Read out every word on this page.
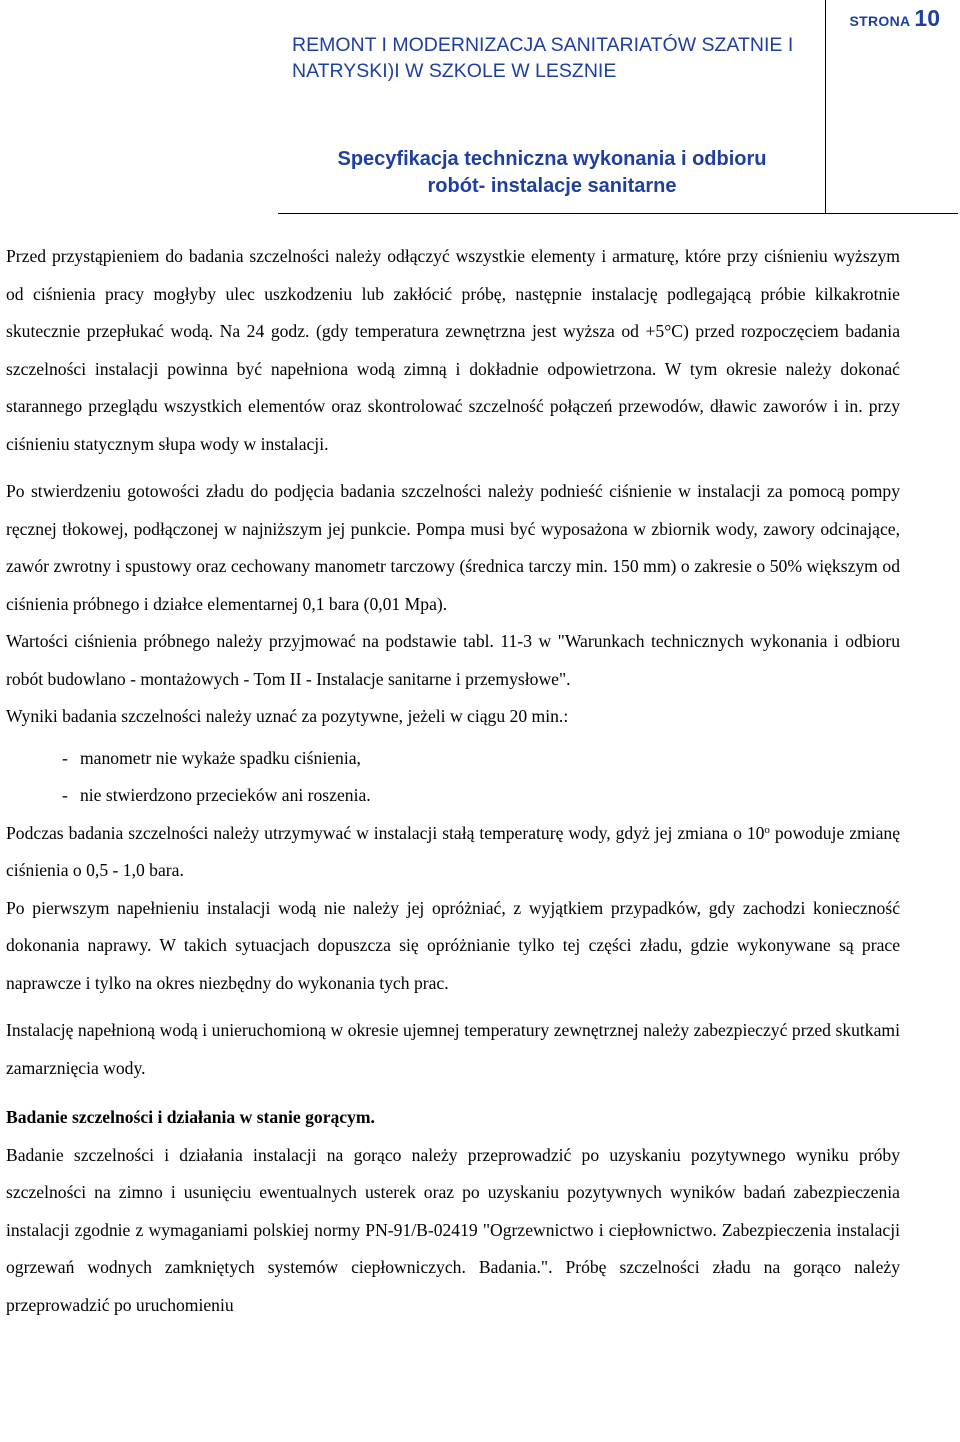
REMONT I MODERNIZACJA SANITARIATÓW SZATNIE I
NATRYSKI)I W SZKOLE W LESZNIE
Specyfikacja techniczna wykonania i odbioru
robót- instalacje sanitarne
STRONA 10

Przed przystąpieniem do badania szczelności należy odłączyć wszystkie elementy i armaturę, które przy ciśnieniu wyższym od ciśnienia pracy mogłyby ulec uszkodzeniu lub zakłócić próbę, następnie instalację podlegającą próbie kilkakrotnie skutecznie przepłukać wodą. Na 24 godz. (gdy temperatura zewnętrzna jest wyższa od +5°C) przed rozpoczęciem badania szczelności instalacji powinna być napełniona wodą zimną i dokładnie odpowietrzona. W tym okresie należy dokonać starannego przeglądu wszystkich elementów oraz skontrolować szczelność połączeń przewodów, dławic zaworów i in. przy ciśnieniu statycznym słupa wody w instalacji.

Po stwierdzeniu gotowości zładu do podjęcia badania szczelności należy podnieść ciśnienie w instalacji za pomocą pompy ręcznej tłokowej, podłączonej w najniższym jej punkcie. Pompa musi być wyposażona w zbiornik wody, zawory odcinające, zawór zwrotny i spustowy oraz cechowany manometr tarczowy (średnica tarczy min. 150 mm) o zakresie o 50% większym od ciśnienia próbnego i działce elementarnej 0,1 bara (0,01 Mpa).

Wartości ciśnienia próbnego należy przyjmować na podstawie tabl. 11-3 w "Warunkach technicznych wykonania i odbioru robót budowlano - montażowych - Tom II - Instalacje sanitarne i przemysłowe".

Wyniki badania szczelności należy uznać za pozytywne, jeżeli w ciągu 20 min.:

- manometr nie wykaże spadku ciśnienia,
- nie stwierdzono przecieków ani roszenia.

Podczas badania szczelności należy utrzymywać w instalacji stałą temperaturę wody, gdyż jej zmiana o 10$^o$ powoduje zmianę ciśnienia o 0,5 - 1,0 bara.

Po pierwszym napełnieniu instalacji wodą nie należy jej opróżniać, z wyjątkiem przypadków, gdy zachodzi konieczność dokonania naprawy. W takich sytuacjach dopuszcza się opróżnianie tylko tej części zładu, gdzie wykonywane są prace naprawcze i tylko na okres niezbędny do wykonania tych prac.

Instalację napełnioną wodą i unieruchomioną w okresie ujemnej temperatury zewnętrznej należy zabezpieczyć przed skutkami zamarznięcia wody.

Badanie szczelności i działania w stanie gorącym.

Badanie szczelności i działania instalacji na gorąco należy przeprowadzić po uzyskaniu pozytywnego wyniku próby szczelności na zimno i usunięciu ewentualnych usterek oraz po uzyskaniu pozytywnych wyników badań zabezpieczenia instalacji zgodnie z wymaganiami polskiej normy PN-91/B-02419 "Ogrzewnictwo i ciepłownictwo. Zabezpieczenia instalacji ogrzewań wodnych zamkniętych systemów ciepłowniczych. Badania.". Próbę szczelności zładu na gorąco należy przeprowadzić po uruchomieniu
